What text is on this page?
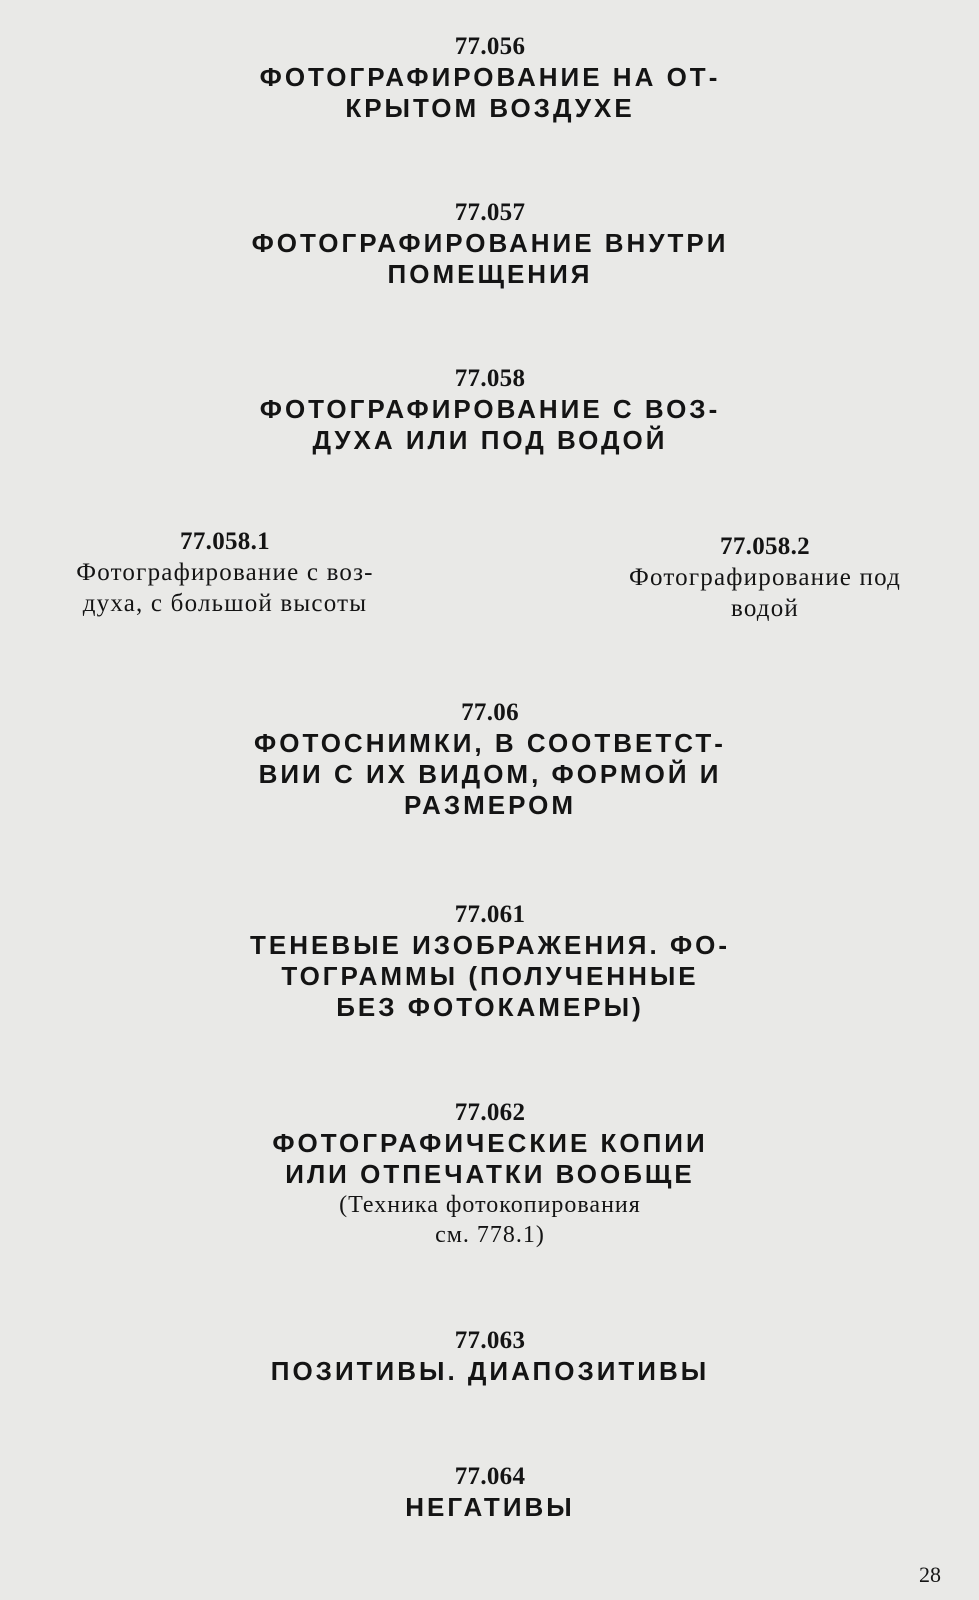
77.056
ФОТОГРАФИРОВАНИЕ НА ОТ-
КРЫТОМ ВОЗДУХЕ
77.057
ФОТОГРАФИРОВАНИЕ ВНУТРИ
ПОМЕЩЕНИЯ
77.058
ФОТОГРАФИРОВАНИЕ С ВОЗ-
ДУХА ИЛИ ПОД ВОДОЙ
77.058.1
Фотографирование с воз-
духа, с большой высоты
77.058.2
Фотографирование под
водой
77.06
ФОТОСНИМКИ, В СООТВЕТСТ-
ВИИ С ИХ ВИДОМ, ФОРМОЙ И
РАЗМЕРОМ
77.061
ТЕНЕВЫЕ ИЗОБРАЖЕНИЯ. ФО-
ТОГРАММЫ (ПОЛУЧЕННЫЕ
БЕЗ ФОТОКАМЕРЫ)
77.062
ФОТОГРАФИЧЕСКИЕ КОПИИ
ИЛИ ОТПЕЧАТКИ ВООБЩЕ
(Техника фотокопирования
см. 778.1)
77.063
ПОЗИТИВЫ. ДИАПОЗИТИВЫ
77.064
НЕГАТИВЫ
28
